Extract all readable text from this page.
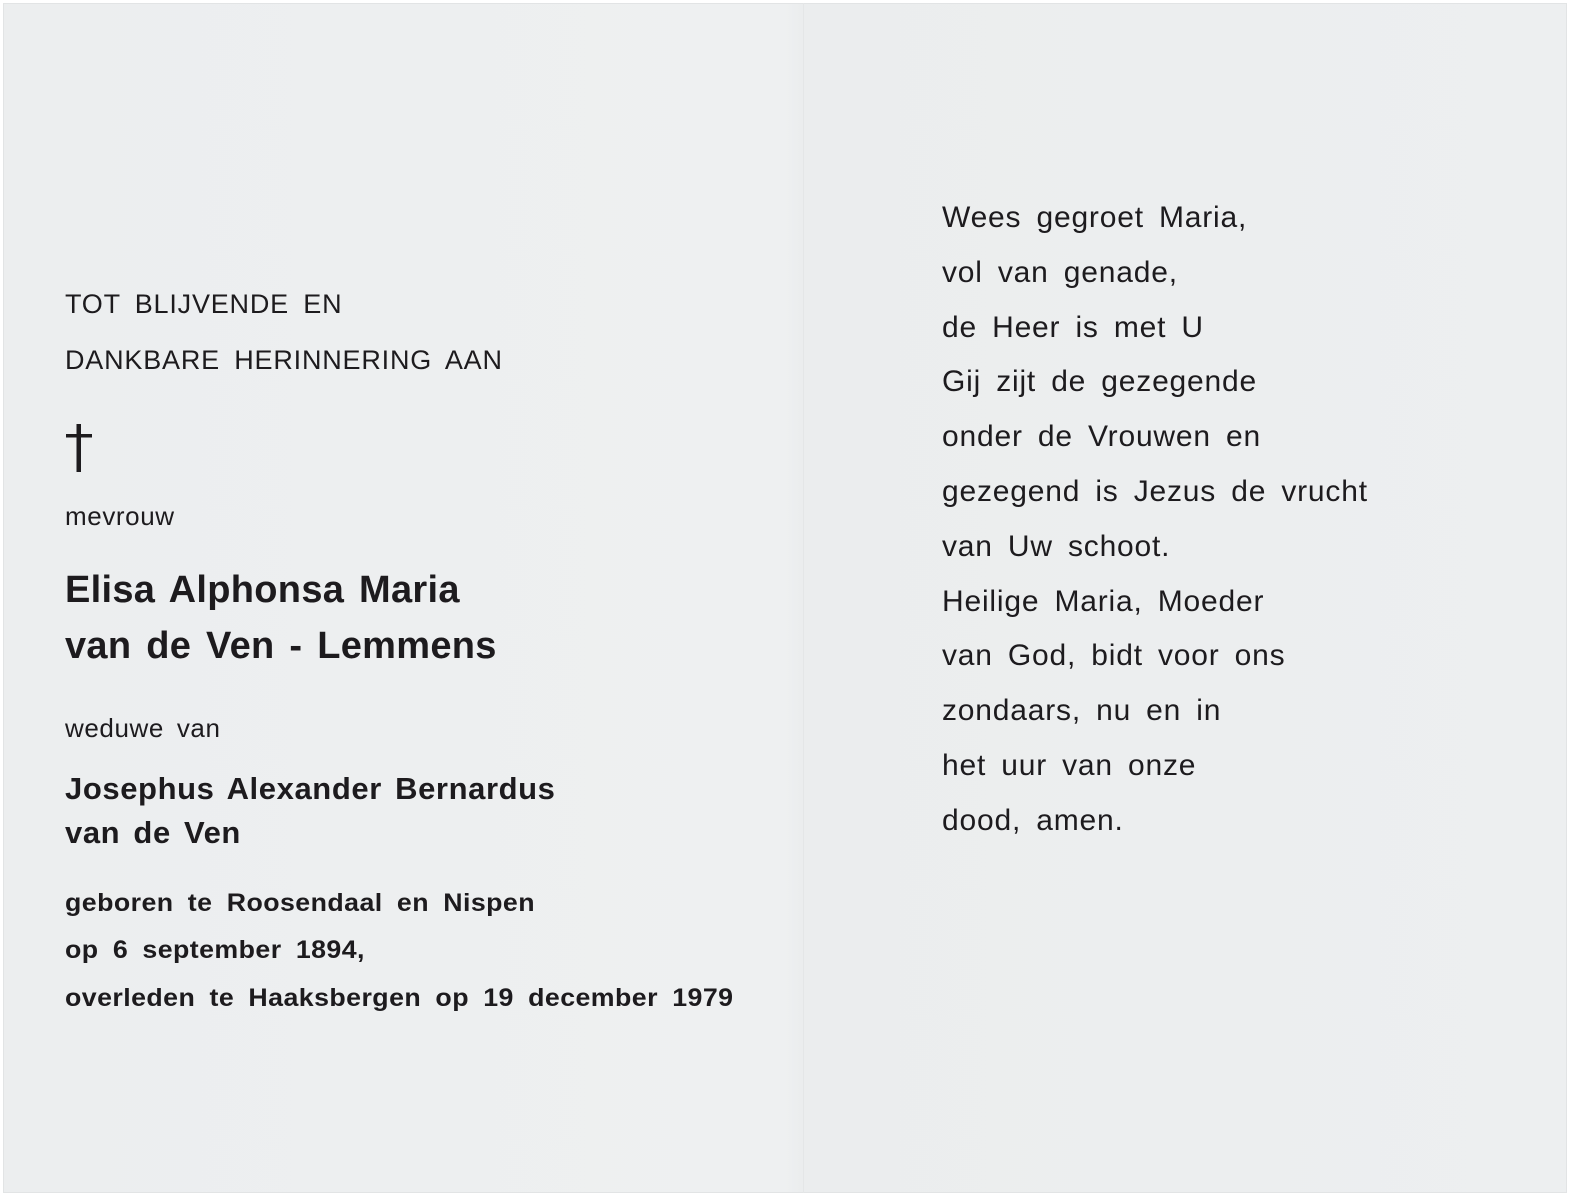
TOT BLIJVENDE EN

DANKBARE HERINNERING AAN

mevrouw

Elisa Alphonsa Maria

van de Ven - Lemmens

weduwe van

Josephus Alexander Bernardus

van de Ven

geboren te Roosendaal en Nispen

op 6 september 1894,

overleden te Haaksbergen op 19 december 1979

Wees gegroet Maria,
vol van genade,
de Heer is met U
Gij zijt de gezegende
onder de Vrouwen en
gezegend is Jezus de vrucht
van Uw schoot.
Heilige Maria, Moeder
van God, bidt voor ons
zondaars, nu en in
het uur van onze
dood, amen.
